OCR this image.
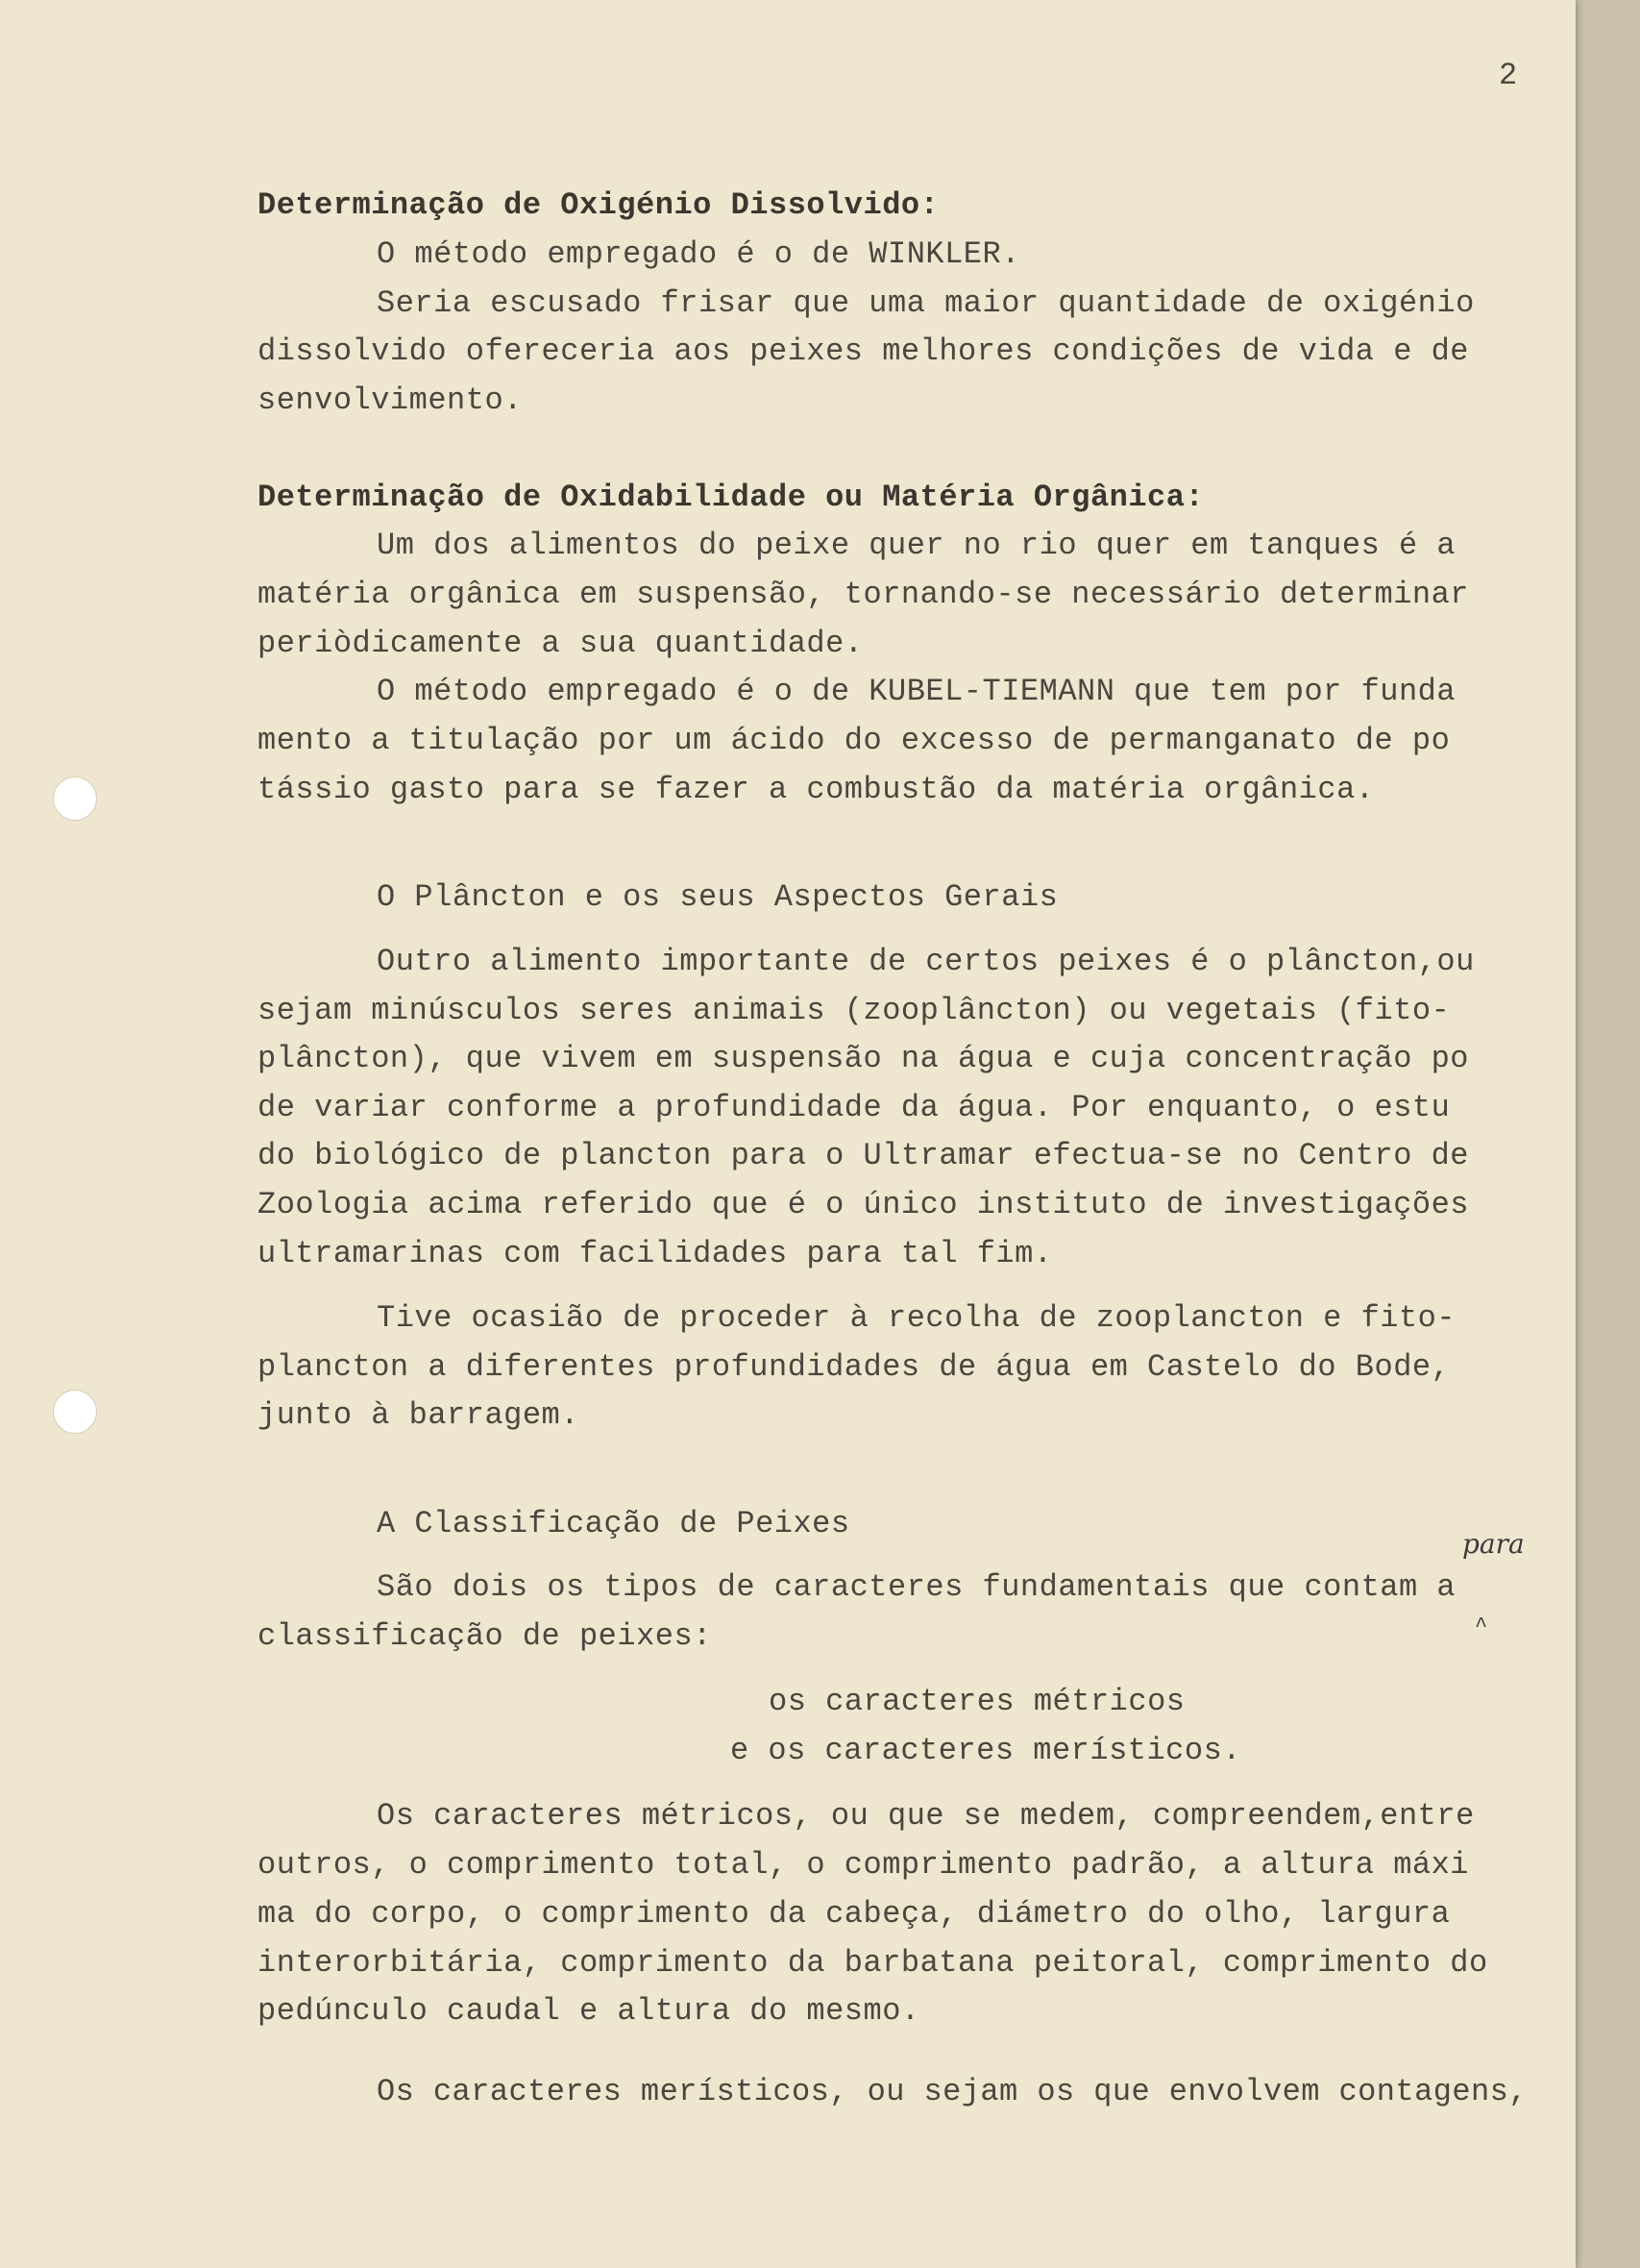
2
Determinação de Oxigénio Dissolvido:
O método empregado é o de WINKLER.
Seria escusado frisar que uma maior quantidade de oxigénio
dissolvido ofereceria aos peixes melhores condições de vida e de
senvolvimento.
Determinação de Oxidabilidade ou Matéria Orgânica:
Um dos alimentos do peixe quer no rio quer em tanques é a
matéria orgânica em suspensão, tornando-se necessário determinar
periòdicamente a sua quantidade.
O método empregado é o de KUBEL-TIEMANN que tem por funda
mento a titulação por um ácido do excesso de permanganato de po
tássio gasto para se fazer a combustão da matéria orgânica.
O Plâncton e os seus Aspectos Gerais
Outro alimento importante de certos peixes é o plâncton,ou
sejam minúsculos seres animais (zooplâncton) ou vegetais (fito-
plâncton), que vivem em suspensão na água e cuja concentração po
de variar conforme a profundidade da água. Por enquanto, o estu
do biológico de plancton para o Ultramar efectua-se no Centro de
Zoologia acima referido que é o único instituto de investigações
ultramarinas com facilidades para tal fim.
Tive ocasião de proceder à recolha de zooplancton e fito-
plancton a diferentes profundidades de água em Castelo do Bode,
junto à barragem.
A Classificação de Peixes
para
São dois os tipos de caracteres fundamentais que contam a
^
classificação de peixes:
os caracteres métricos
e os caracteres merísticos.
Os caracteres métricos, ou que se medem, compreendem,entre
outros, o comprimento total, o comprimento padrão, a altura máxi
ma do corpo, o comprimento da cabeça, diámetro do olho, largura
interorbitária, comprimento da barbatana peitoral, comprimento do
pedúnculo caudal e altura do mesmo.
Os caracteres merísticos, ou sejam os que envolvem contagens,
